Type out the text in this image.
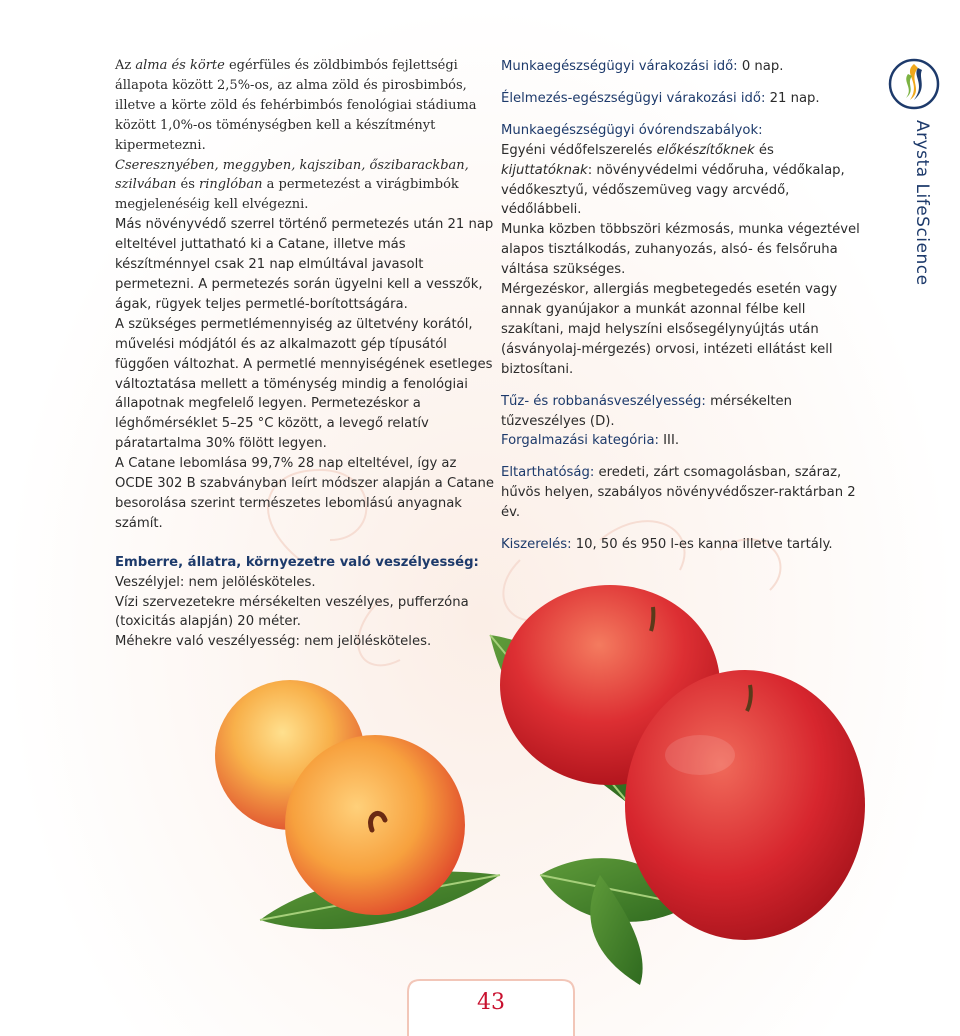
Az alma és körte egérfüles és zöldbimbós fejlettségi állapota között 2,5%-os, az alma zöld és pirosbimbós, illetve a körte zöld és fehérbimbós fenológiai stádiuma között 1,0%-os töménységben kell a készítményt kipermetezni.

Cseresznyében, meggyben, kajsziban, őszibarackban, szilvában és ringlóban a permetezést a virágbimbók megjelenéséig kell elvégezni.

Más növényvédő szerrel történő permetezés után 21 nap elteltével juttatható ki a Catane, illetve más készítménnyel csak 21 nap elmúltával javasolt permetezni. A permetezés során ügyelni kell a vesszők, ágak, rügyek teljes permetlé-borítottságára.

A szükséges permetlémennyiség az ültetvény korától, művelési módjától és az alkalmazott gép típusától függően változhat. A permetlé mennyiségének esetleges változtatása mellett a töménység mindig a fenológiai állapotnak megfelelő legyen. Permetezéskor a léghőmérséklet 5–25 °C között, a levegő relatív páratartalma 30% fölött legyen.

A Catane lebomlása 99,7% 28 nap elteltével, így az OCDE 302 B szabványban leírt módszer alapján a Catane besorolása szerint természetes lebomlású anyagnak számít.

Emberre, állatra, környezetre való veszélyesség:

Veszélyjel: nem jelölésköteles.

Vízi szervezetekre mérsékelten veszélyes, pufferzóna (toxicitás alapján) 20 méter.

Méhekre való veszélyesség: nem jelölésköteles.

Munkaegészségügyi várakozási idő: 0 nap.

Élelmezés-egészségügyi várakozási idő: 21 nap.

Munkaegészségügyi óvórendszabályok:

Egyéni védőfelszerelés előkészítőknek és kijuttatóknak: növényvédelmi védőruha, védőkalap, védőkesztyű, védőszemüveg vagy arcvédő, védőlábbeli.

Munka közben többszöri kézmosás, munka végeztével alapos tisztálkodás, zuhanyozás, alsó- és felsőruha váltása szükséges.

Mérgezéskor, allergiás megbetegedés esetén vagy annak gyanújakor a munkát azonnal félbe kell szakítani, majd helyszíni elsősegélynyújtás után (ásványolaj-mérgezés) orvosi, intézeti ellátást kell biztosítani.

Tűz- és robbanásveszélyesség: mérsékelten tűzveszélyes (D).

Forgalmazási kategória: III.

Eltarthatóság: eredeti, zárt csomagolásban, száraz, hűvös helyen, szabályos növényvédőszer-raktárban 2 év.

Kiszerelés: 10, 50 és 950 l-es kanna illetve tartály.

Arysta LifeScience
43
